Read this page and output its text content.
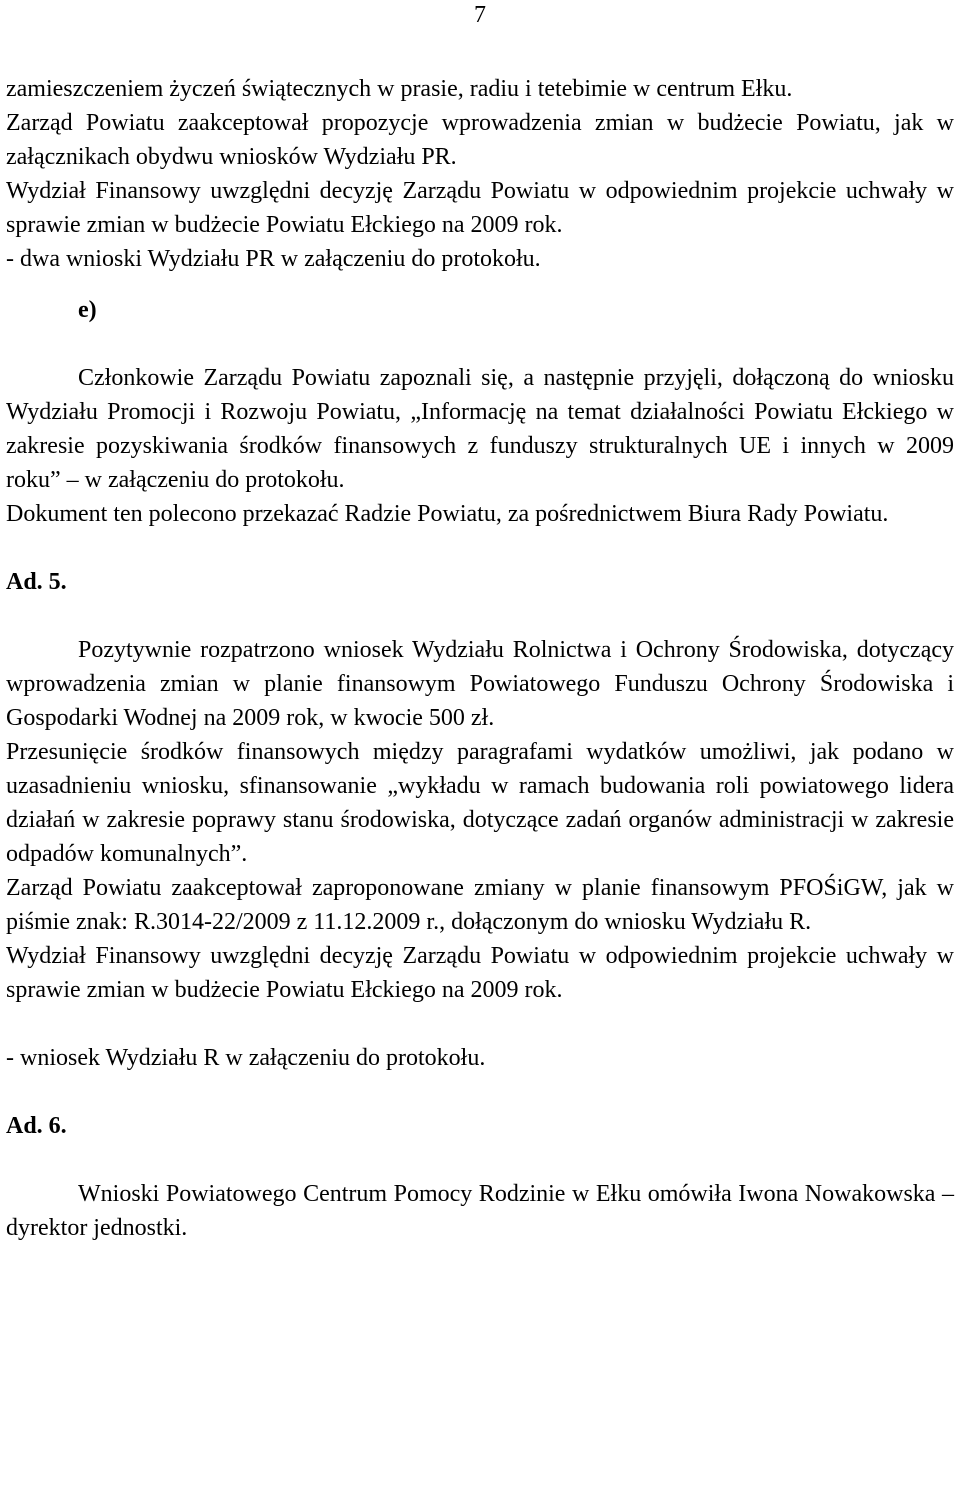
7

zamieszczeniem życzeń świątecznych w prasie, radiu i tetebimie w centrum Ełku.

Zarząd Powiatu zaakceptował propozycje wprowadzenia zmian w budżecie Powiatu, jak w załącznikach obydwu wniosków Wydziału PR.

Wydział Finansowy uwzględni decyzję Zarządu Powiatu w odpowiednim projekcie uchwały w sprawie zmian w budżecie Powiatu Ełckiego na 2009 rok.

- dwa wnioski Wydziału PR w załączeniu do protokołu.

e)

Członkowie Zarządu Powiatu zapoznali się, a następnie przyjęli, dołączoną do wniosku Wydziału Promocji i Rozwoju Powiatu, „Informację na temat działalności Powiatu Ełckiego w zakresie pozyskiwania środków finansowych z funduszy strukturalnych UE i innych w 2009 roku” – w załączeniu do protokołu.

Dokument ten polecono przekazać Radzie Powiatu, za pośrednictwem Biura Rady Powiatu.

Ad. 5.

Pozytywnie rozpatrzono wniosek Wydziału Rolnictwa i Ochrony Środowiska, dotyczący wprowadzenia zmian w planie finansowym Powiatowego Funduszu Ochrony Środowiska i Gospodarki Wodnej na 2009 rok, w kwocie 500 zł.

Przesunięcie środków finansowych między paragrafami wydatków umożliwi, jak podano w uzasadnieniu wniosku, sfinansowanie „wykładu w ramach budowania roli powiatowego lidera działań w zakresie poprawy stanu środowiska, dotyczące zadań organów administracji w zakresie odpadów komunalnych”.

Zarząd Powiatu zaakceptował zaproponowane zmiany w planie finansowym PFOŚiGW, jak w piśmie znak: R.3014-22/2009 z 11.12.2009 r., dołączonym do wniosku Wydziału R.

Wydział Finansowy uwzględni decyzję Zarządu Powiatu w odpowiednim projekcie uchwały w sprawie zmian w budżecie Powiatu Ełckiego na 2009 rok.

- wniosek Wydziału R w załączeniu do protokołu.

Ad. 6.

Wnioski Powiatowego Centrum Pomocy Rodzinie w Ełku omówiła Iwona Nowakowska – dyrektor jednostki.
